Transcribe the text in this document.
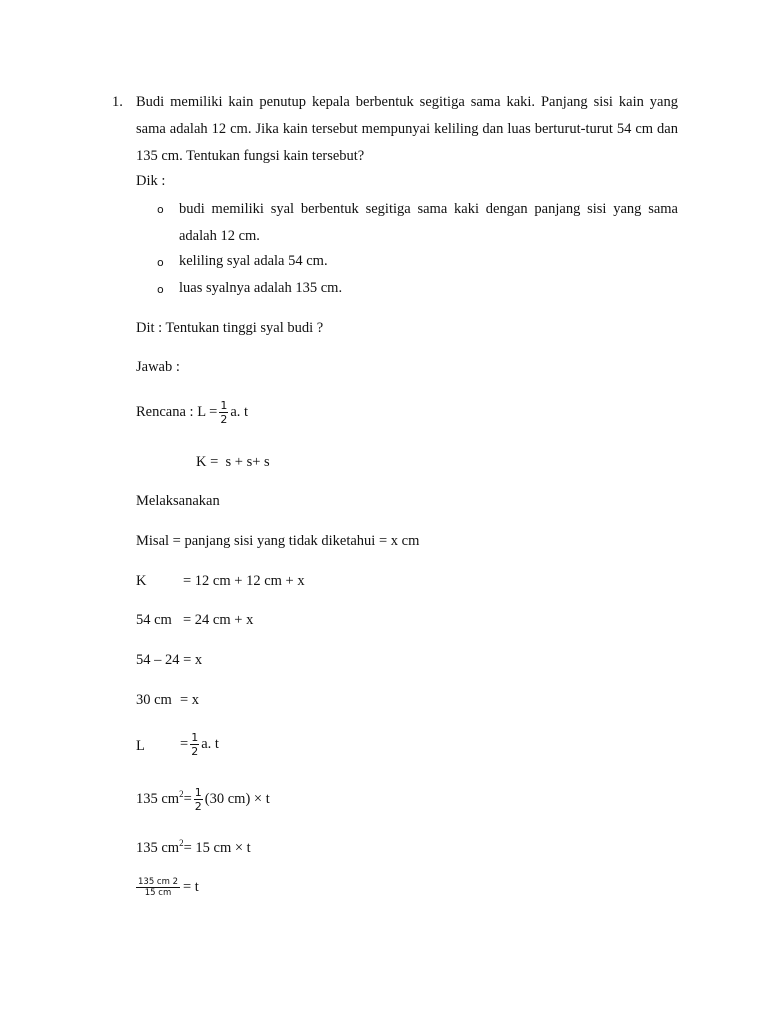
1. Budi memiliki kain penutup kepala berbentuk segitiga sama kaki. Panjang sisi kain yang sama adalah 12 cm. Jika kain tersebut mempunyai keliling dan luas berturut-turut 54 cm dan 135 cm. Tentukan fungsi kain tersebut?
Dik :
o budi memiliki syal berbentuk segitiga sama kaki dengan panjang sisi yang sama adalah 12 cm.
o keliling syal adala 54 cm.
o luas syalnya adalah 135 cm.
Dit : Tentukan tinggi syal budi ?
Jawab :
Rencana : $L = \frac{1}{2} a$. t
K =  s + s+ s
Melaksanakan
Misal = panjang sisi yang tidak diketahui = x cm
K	= 12 cm + 12 cm + x
54 cm = 24 cm + x
54 – 24 = x
30 cm = x
$L = \frac{1}{2} a$. t
135 $cm^2 = \frac{1}{2} (30$ cm) × t
135 $cm^2= 15$ cm × t
$\frac{135 cm 2}{15 cm} = t$
